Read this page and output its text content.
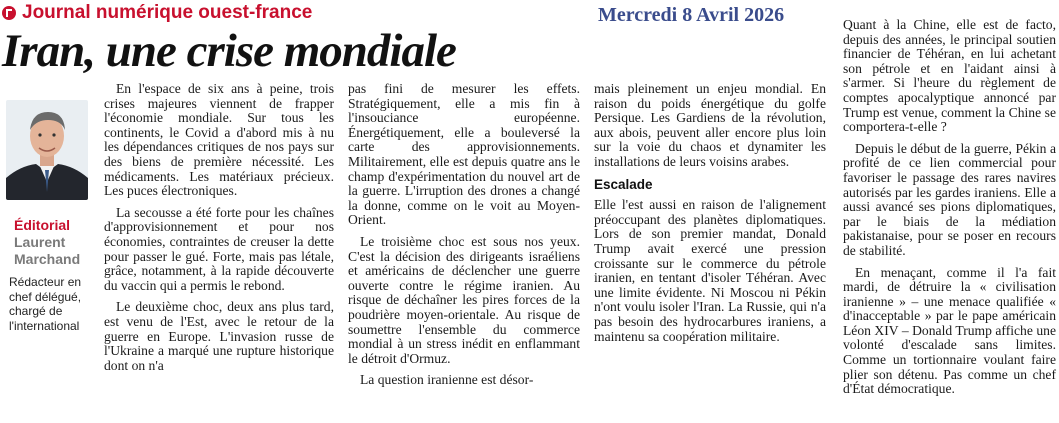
Journal numérique ouest-france	Mercredi 8 Avril 2026
Iran, une crise mondiale
Éditorial
Laurent
Marchand
Rédacteur en chef délégué, chargé de l'international

En l'espace de six ans à peine, trois crises majeures viennent de frapper l'économie mondiale. Sur tous les continents, le Covid a d'abord mis à nu les dépendances critiques de nos pays sur des biens de première nécessité. Les médicaments. Les matériaux précieux. Les puces électroniques.

La secousse a été forte pour les chaînes d'approvisionnement et pour nos économies, contraintes de creuser la dette pour passer le gué. Forte, mais pas létale, grâce, notamment, à la rapide découverte du vaccin qui a permis le rebond.

Le deuxième choc, deux ans plus tard, est venu de l'Est, avec le retour de la guerre en Europe. L'invasion russe de l'Ukraine a marqué une rupture historique dont on n'a

pas fini de mesurer les effets. Stratégiquement, elle a mis fin à l'insouciance européenne. Énergétiquement, elle a bouleversé la carte des approvisionnements. Militairement, elle est depuis quatre ans le champ d'expérimentation du nouvel art de la guerre. L'irruption des drones a changé la donne, comme on le voit au Moyen-Orient.

Le troisième choc est sous nos yeux. C'est la décision des dirigeants israéliens et américains de déclencher une guerre ouverte contre le régime iranien. Au risque de déchaîner les pires forces de la poudrière moyen-orientale. Au risque de soumettre l'ensemble du commerce mondial à un stress inédit en enflammant le détroit d'Ormuz.

La question iranienne est désor-

mais pleinement un enjeu mondial. En raison du poids énergétique du golfe Persique. Les Gardiens de la révolution, aux abois, peuvent aller encore plus loin sur la voie du chaos et dynamiter les installations de leurs voisins arabes.

Escalade

Elle l'est aussi en raison de l'alignement préoccupant des planètes diplomatiques. Lors de son premier mandat, Donald Trump avait exercé une pression croissante sur le commerce du pétrole iranien, en tentant d'isoler Téhéran. Avec une limite évidente. Ni Moscou ni Pékin n'ont voulu isoler l'Iran. La Russie, qui n'a pas besoin des hydrocarbures iraniens, a maintenu sa coopération militaire.

Quant à la Chine, elle est de facto, depuis des années, le principal soutien financier de Téhéran, en lui achetant son pétrole et en l'aidant ainsi à s'armer. Si l'heure du règlement de comptes apocalyptique annoncé par Trump est venue, comment la Chine se comportera-t-elle ?

Depuis le début de la guerre, Pékin a profité de ce lien commercial pour favoriser le passage des rares navires autorisés par les gardes iraniens. Elle a aussi avancé ses pions diplomatiques, par le biais de la médiation pakistanaise, pour se poser en recours de stabilité.

En menaçant, comme il l'a fait mardi, de détruire la « civilisation iranienne » – une menace qualifiée « d'inacceptable » par le pape américain Léon XIV – Donald Trump affiche une volonté d'escalade sans limites. Comme un tortionnaire voulant faire plier son détenu. Pas comme un chef d'État démocratique.
